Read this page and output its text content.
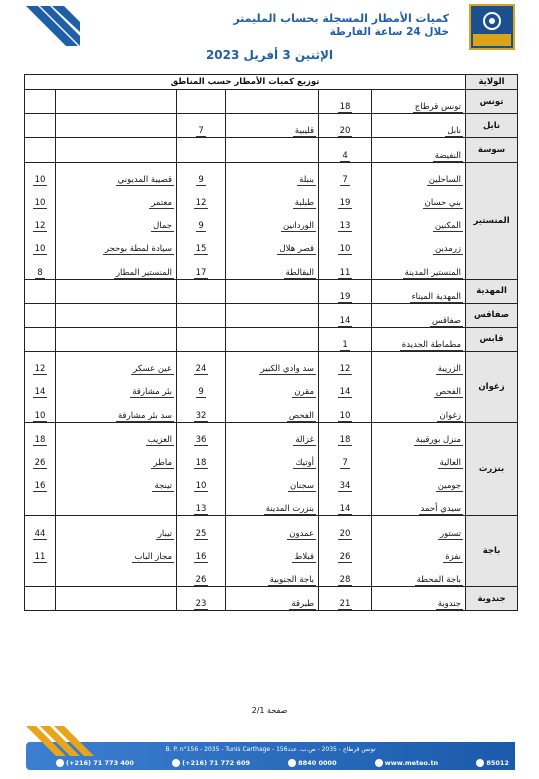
كميات الأمطار المسجلة بحساب المليمتر
خلال 24 ساعة الفارطة
الإثنين 3 أفريل 2023
الولاية	توزيع كميات الأمطار حسب المناطق					
تونس	تونس قرطاج	18				
نابل	نابل	20	قليبية	7		
سوسة	النفيضة	4				
المنستير	الساحلين	7	بنبلة	9	قصيبة المديوني	10
	بني حسان	19	طبلبة	12	معتمر	10
	المكنين	13	الوردانين	9	جمال	12
	زرمدين	10	قصر هلال	15	سيادة لمطة بوحجر	10
	المنستير المدينة	11	البقالطة	17	المنستير المطار	8
المهدية	المهدية الميناء	19				
صفاقس	صفاقس	14				
قابس	مطماطة الجديدة	1				
زغوان	الزريبة	12	سد وادي الكبير	24	عين عسكر	12
	الفحص	14	مقرن	9	بئر مشارقة	14
	زغوان	10	الفحص	32	سد بئر مشارقة	10
بنزرت	منزل بورقيبة	18	غزالة	36	العزيب	18
	العالية	7	أوتيك	18	ماطر	26
	جومين	34	سجنان	10	تينجة	16
	سيدي أحمد	14	بنزرت المدينة	13		
باجة	تستور	20	عمدون	25	تيبار	44
	نفزة	26	قبلاط	16	مجاز الباب	11
	باجة المحطة	28	باجة الجنوبية	26		
جندوبة	جندوبة	21	طبرقة	23		
صفحة 2/1
B. P. n°156 - 2035 - Tunis Carthage - تونس قرطاج - 2035 - ص.ب. عدد156
(+216) 71 773 400	(+216) 71 772 609	8840 0000	www.meteo.tn	85012
